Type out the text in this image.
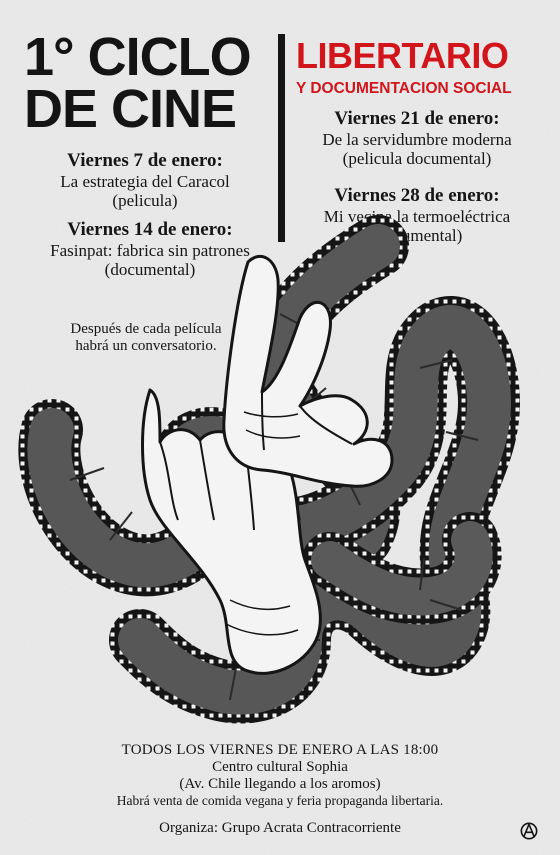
1° CICLO
DE CINE
LIBERTARIO
Y DOCUMENTACION SOCIAL
Viernes 7 de enero:
La estrategia del Caracol
(pelicula)
Viernes 14 de enero:
Fasinpat: fabrica sin patrones
(documental)
Viernes 21 de enero:
De la servidumbre moderna
(pelicula documental)
Viernes 28 de enero:
Mi vecina la termoeléctrica
(documental)
Después de cada película
habrá un conversatorio.
TODOS LOS VIERNES DE ENERO A LAS 18:00
Centro cultural Sophia
(Av. Chile llegando a los aromos)
Habrá venta de comida vegana y feria propaganda libertaria.
Organiza: Grupo Acrata Contracorriente
